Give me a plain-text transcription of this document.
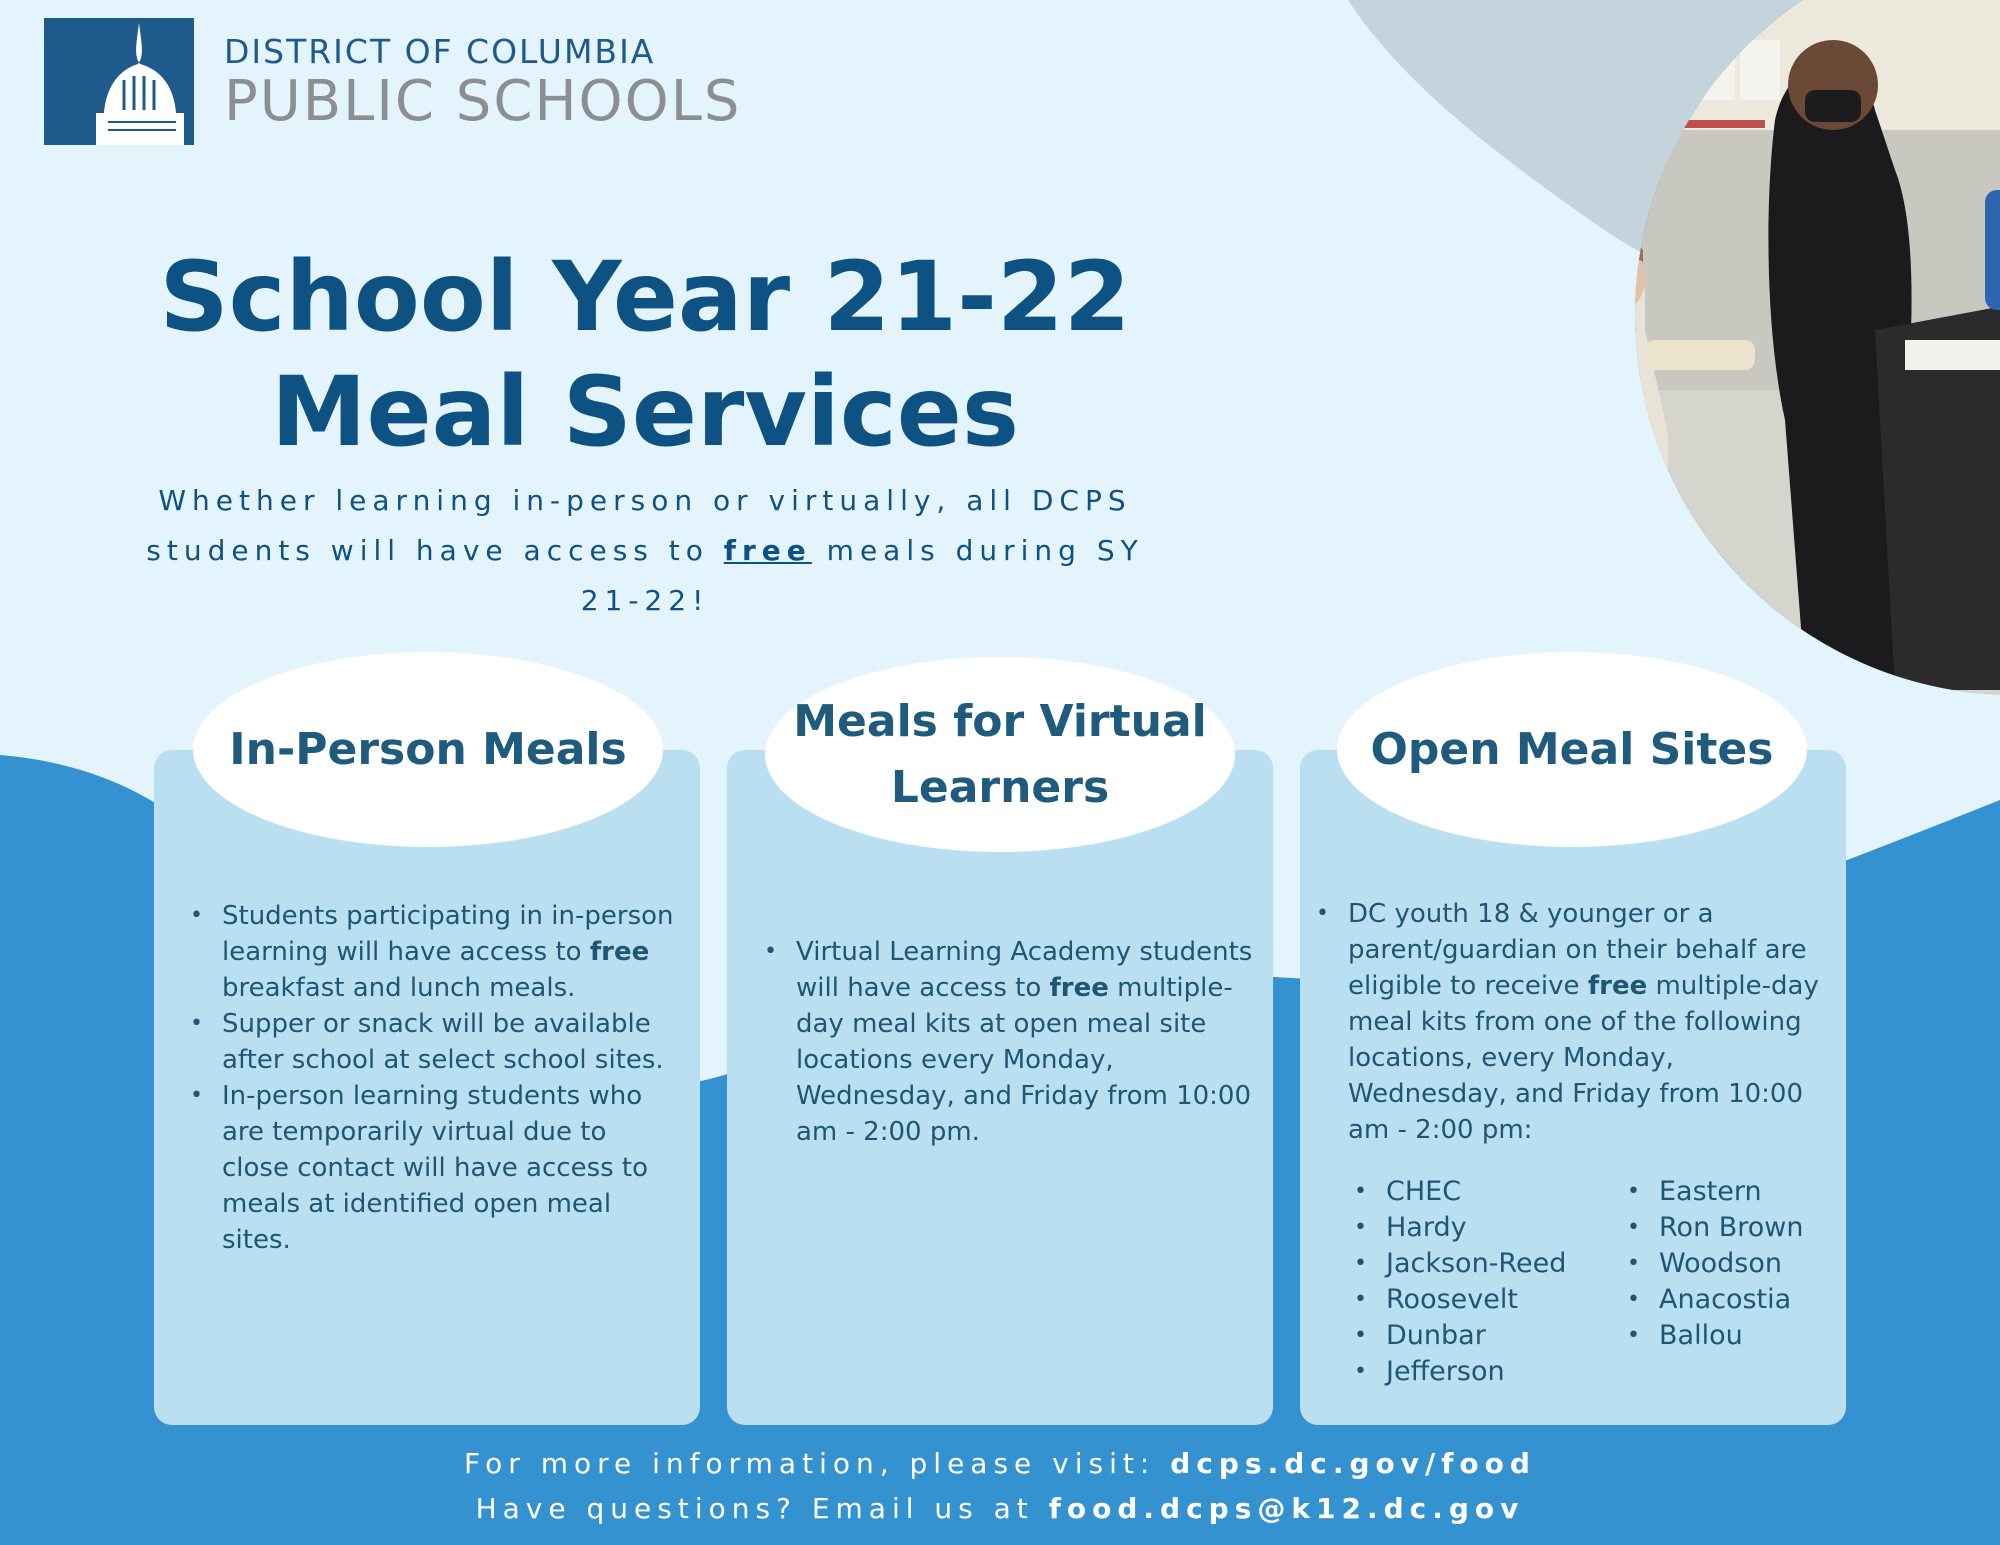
DISTRICT OF COLUMBIA
PUBLIC SCHOOLS
School Year 21-22
Meal Services
Whether learning in-person or virtually, all DCPS students will have access to free meals during SY 21-22!
In-Person Meals
Meals for Virtual Learners
Open Meal Sites
• Students participating in in-person learning will have access to free breakfast and lunch meals.
• Supper or snack will be available after school at select school sites.
• In-person learning students who are temporarily virtual due to close contact will have access to meals at identified open meal sites.
• Virtual Learning Academy students will have access to free multiple-day meal kits at open meal site locations every Monday, Wednesday, and Friday from 10:00 am - 2:00 pm.
• DC youth 18 & younger or a parent/guardian on their behalf are eligible to receive free multiple-day meal kits from one of the following locations, every Monday, Wednesday, and Friday from 10:00 am - 2:00 pm:
• CHEC
• Hardy
• Jackson-Reed
• Roosevelt
• Dunbar
• Jefferson
• Eastern
• Ron Brown
• Woodson
• Anacostia
• Ballou
For more information, please visit: dcps.dc.gov/food
Have questions? Email us at food.dcps@k12.dc.gov
